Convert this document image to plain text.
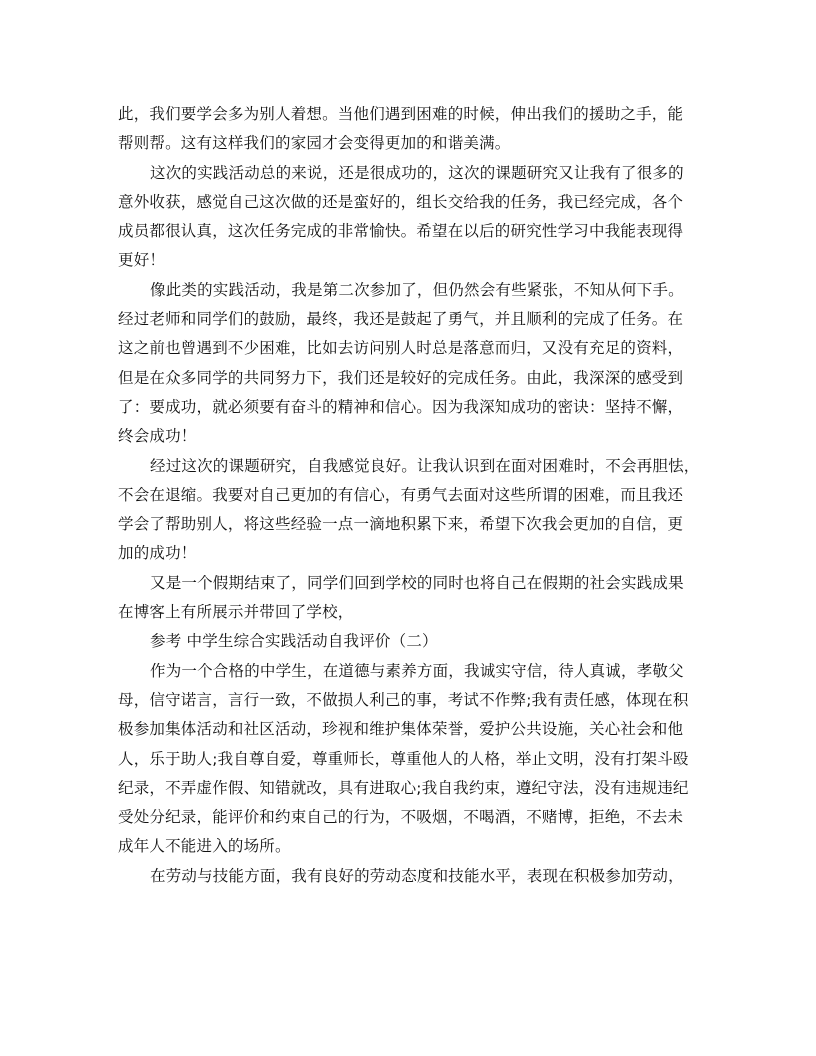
此，我们要学会多为别人着想。当他们遇到困难的时候，伸出我们的援助之手，能
帮则帮。这有这样我们的家园才会变得更加的和谐美满。
这次的实践活动总的来说，还是很成功的，这次的课题研究又让我有了很多的
意外收获，感觉自己这次做的还是蛮好的，组长交给我的任务，我已经完成，各个
成员都很认真，这次任务完成的非常愉快。希望在以后的研究性学习中我能表现得
更好！
像此类的实践活动，我是第二次参加了，但仍然会有些紧张，不知从何下手。
经过老师和同学们的鼓励，最终，我还是鼓起了勇气，并且顺利的完成了任务。在
这之前也曾遇到不少困难，比如去访问别人时总是落意而归，又没有充足的资料，
但是在众多同学的共同努力下，我们还是较好的完成任务。由此，我深深的感受到
了：要成功，就必须要有奋斗的精神和信心。因为我深知成功的密诀：坚持不懈，
终会成功！
经过这次的课题研究，自我感觉良好。让我认识到在面对困难时，不会再胆怯，
不会在退缩。我要对自己更加的有信心，有勇气去面对这些所谓的困难，而且我还
学会了帮助别人，将这些经验一点一滴地积累下来，希望下次我会更加的自信，更
加的成功！
又是一个假期结束了，同学们回到学校的同时也将自己在假期的社会实践成果
在博客上有所展示并带回了学校，
参考 中学生综合实践活动自我评价（二）
作为一个合格的中学生，在道德与素养方面，我诚实守信，待人真诚，孝敬父
母，信守诺言，言行一致，不做损人利己的事，考试不作弊;我有责任感，体现在积
极参加集体活动和社区活动，珍视和维护集体荣誉，爱护公共设施，关心社会和他
人，乐于助人;我自尊自爱，尊重师长，尊重他人的人格，举止文明，没有打架斗殴
纪录，不弄虚作假、知错就改，具有进取心;我自我约束，遵纪守法，没有违规违纪
受处分纪录，能评价和约束自己的行为，不吸烟，不喝酒，不赌博，拒绝，不去未
成年人不能进入的场所。
在劳动与技能方面，我有良好的劳动态度和技能水平，表现在积极参加劳动，
